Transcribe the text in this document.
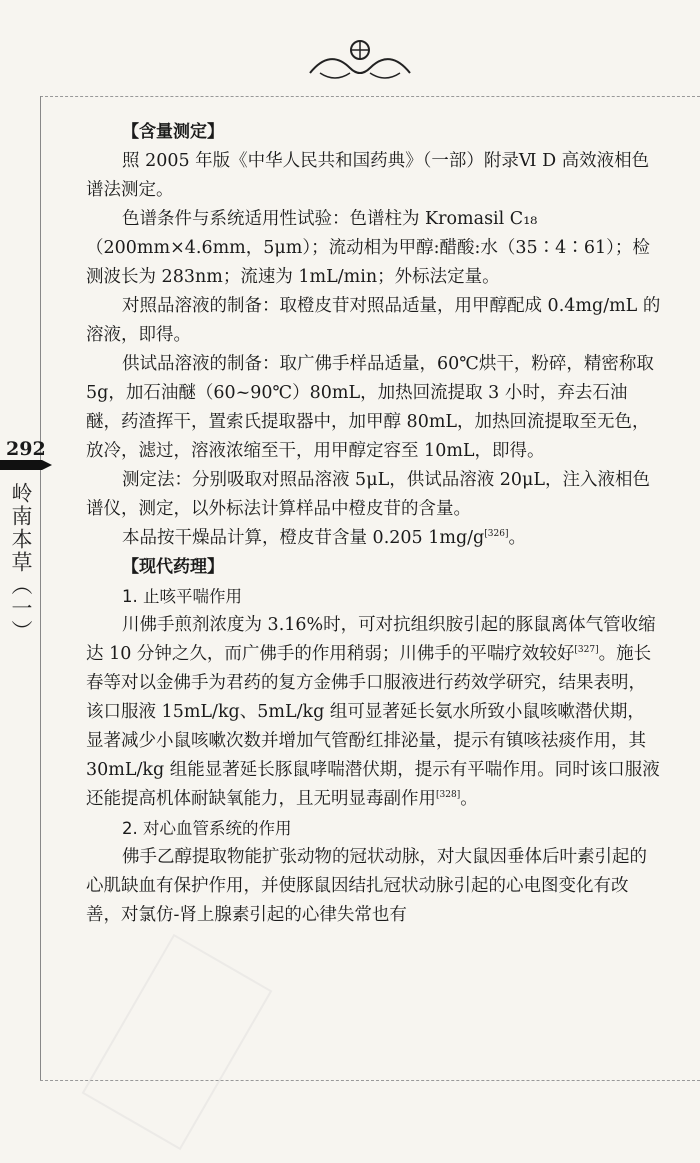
292
岭南本草（一）

【含量测定】

照 2005 年版《中华人民共和国药典》（一部）附录Ⅵ D 高效液相色谱法测定。

色谱条件与系统适用性试验：色谱柱为 Kromasil C₁₈（200mm×4.6mm，5μm）；流动相为甲醇:醋酸:水（35∶4∶61）；检测波长为 283nm；流速为 1mL/min；外标法定量。

对照品溶液的制备：取橙皮苷对照品适量，用甲醇配成 0.4mg/mL 的溶液，即得。

供试品溶液的制备：取广佛手样品适量，60℃烘干，粉碎，精密称取 5g，加石油醚（60~90℃）80mL，加热回流提取 3 小时，弃去石油醚，药渣挥干，置索氏提取器中，加甲醇 80mL，加热回流提取至无色，放冷，滤过，溶液浓缩至干，用甲醇定容至 10mL，即得。

测定法：分别吸取对照品溶液 5μL，供试品溶液 20μL，注入液相色谱仪，测定，以外标法计算样品中橙皮苷的含量。

本品按干燥品计算，橙皮苷含量 0.205 1mg/g[326]。

【现代药理】

1. 止咳平喘作用

川佛手煎剂浓度为 3.16%时，可对抗组织胺引起的豚鼠离体气管收缩达 10 分钟之久，而广佛手的作用稍弱；川佛手的平喘疗效较好[327]。施长春等对以金佛手为君药的复方金佛手口服液进行药效学研究，结果表明，该口服液 15mL/kg、5mL/kg 组可显著延长氨水所致小鼠咳嗽潜伏期，显著减少小鼠咳嗽次数并增加气管酚红排泌量，提示有镇咳祛痰作用，其 30mL/kg 组能显著延长豚鼠哮喘潜伏期，提示有平喘作用。同时该口服液还能提高机体耐缺氧能力，且无明显毒副作用[328]。

2. 对心血管系统的作用

佛手乙醇提取物能扩张动物的冠状动脉，对大鼠因垂体后叶素引起的心肌缺血有保护作用，并使豚鼠因结扎冠状动脉引起的心电图变化有改善，对氯仿-肾上腺素引起的心律失常也有
